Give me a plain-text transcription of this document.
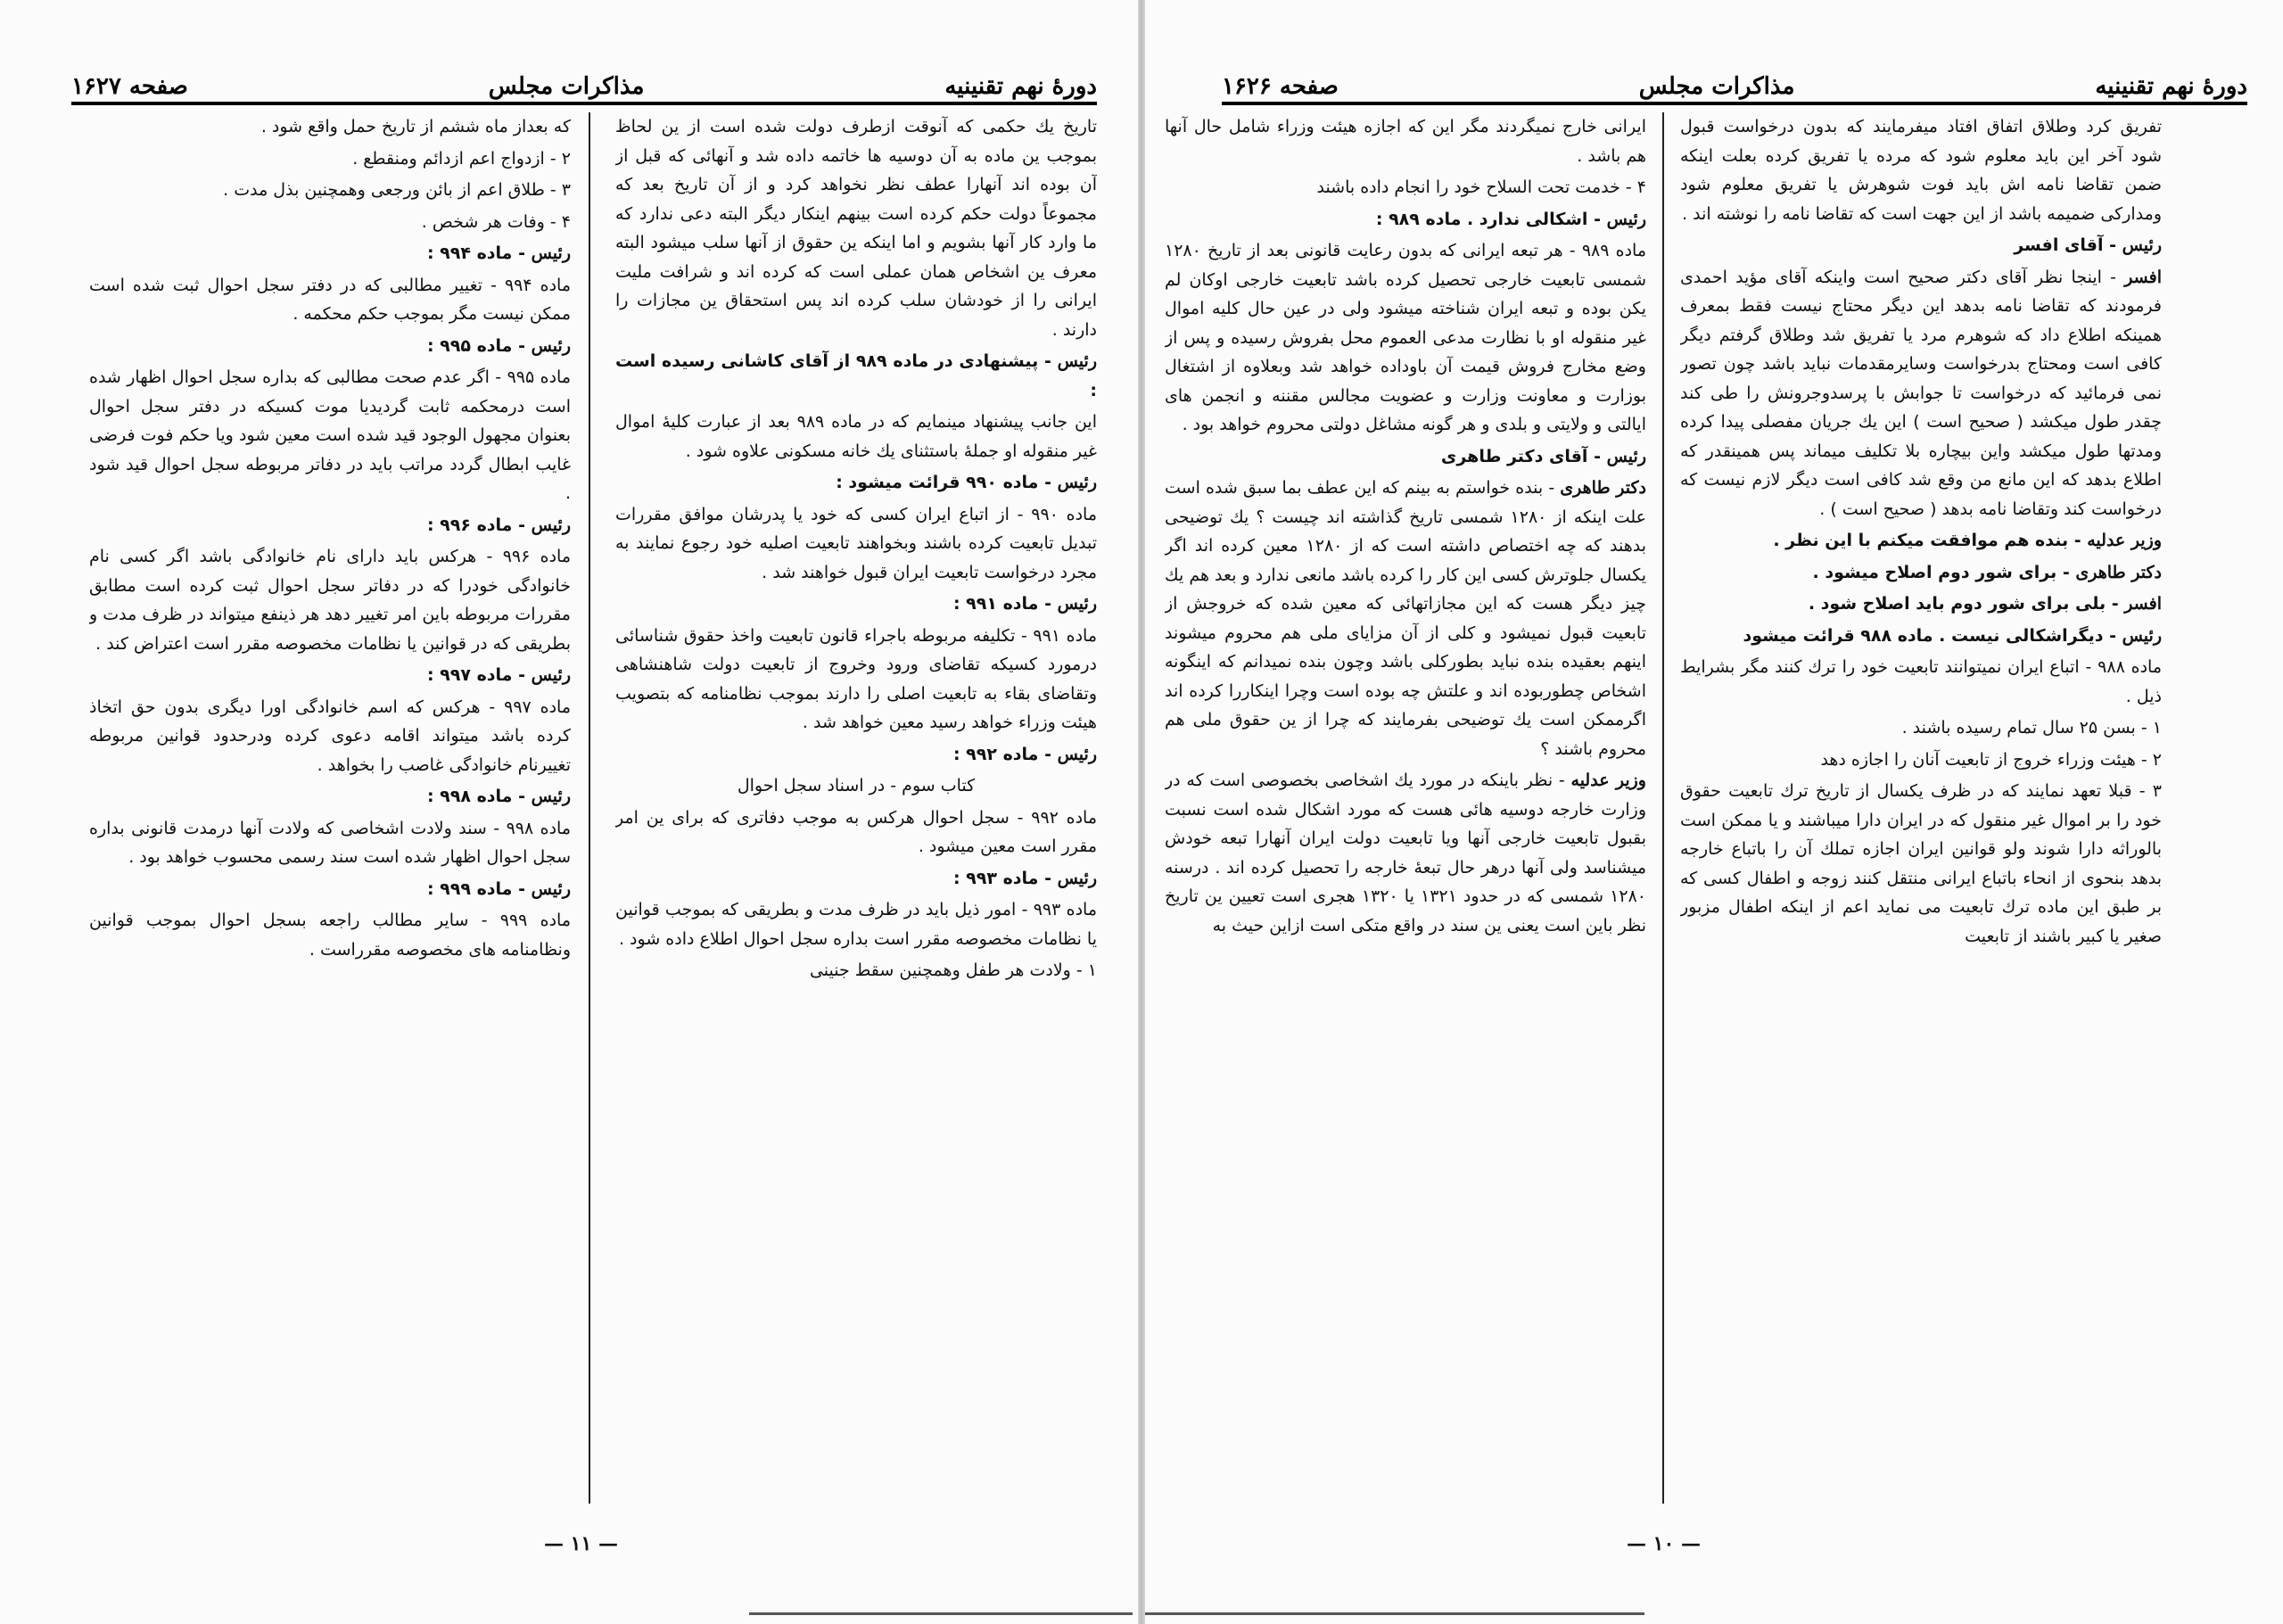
دورهٔ نهم تقنینیه
مذاکرات مجلس
صفحه ۱۶۲۷

تاریخ یك حکمی كه آنوقت ازطرف دولت شده است از ین لحاظ بموجب ین ماده به آن دوسیه ها خاتمه داده شد و آنهائی كه قبل از آن بوده اند آنهارا عطف نظر نخواهد كرد و از آن تاریخ بعد كه مجموعاً دولت حکم كرده است بینهم اینکار دیگر البته دعی ندارد كه ما وارد كار آنها بشویم و اما اینکه ین حقوق از آنها سلب میشود البته معرف ین اشخاص همان عملی است كه كرده اند و شرافت ملیت ایرانی را از خودشان سلب كرده اند پس استحقاق ین مجازات را دارند .

رئیس - پیشنهادی در ماده ۹۸۹ از آقای كاشانی رسیده است :

این جانب پیشنهاد مینمایم كه در ماده ۹۸۹ بعد از عبارت كلیهٔ اموال غیر منقوله او جملهٔ باستثنای یك خانه مسكونی علاوه شود .

رئیس - ماده ۹۹۰ قرائت میشود :

ماده ۹۹۰ - از اتباع ایران كسی كه خود یا پدرشان موافق مقررات تبدیل تابعیت كرده باشند وبخواهند تابعیت اصلیه خود رجوع نمایند به مجرد درخواست تابعیت ایران قبول خواهند شد .

رئیس - ماده ۹۹۱ :

ماده ۹۹۱ - تكلیفه مربوطه باجراء قانون تابعیت واخذ حقوق شناسائی درمورد كسیكه تقاضای ورود وخروج از تابعیت دولت شاهنشاهی وتقاضای بقاء به تابعیت اصلی را دارند بموجب نظامنامه كه بتصویب هیئت وزراء خواهد رسید معین خواهد شد .

رئیس - ماده ۹۹۲ :

كتاب سوم - در اسناد سجل احوال

ماده ۹۹۲ - سجل احوال هركس به موجب دفاتری كه برای ین امر مقرر است معین میشود .

رئیس - ماده ۹۹۳ :

ماده ۹۹۳ - امور ذیل باید در ظرف مدت و بطریقی كه بموجب قوانین یا نظامات مخصوصه مقرر است بداره سجل احوال اطلاع داده شود .

۱ - ولادت هر طفل وهمچنین سقط جنینی

كه بعداز ماه ششم از تاریخ حمل واقع شود .

۲ - ازدواج اعم ازدائم ومنقطع .

۳ - طلاق اعم از بائن ورجعی وهمچنین بذل مدت .

۴ - وفات هر شخص .

رئیس - ماده ۹۹۴ :

ماده ۹۹۴ - تغییر مطالبی كه در دفتر سجل احوال ثبت شده است ممكن نیست مگر بموجب حكم محكمه .

رئیس - ماده ۹۹۵ :

ماده ۹۹۵ - اگر عدم صحت مطالبی كه بداره سجل احوال اظهار شده است درمحكمه ثابت گردیدیا موت كسیكه در دفتر سجل احوال بعنوان مجهول الوجود قید شده است معین شود ویا حكم فوت فرضی غایب ابطال گردد مراتب باید در دفاتر مربوطه سجل احوال قید شود .

رئیس - ماده ۹۹۶ :

ماده ۹۹۶ - هركس باید دارای نام خانوادگی باشد اگر كسی نام خانوادگی خودرا كه در دفاتر سجل احوال ثبت كرده است مطابق مقررات مربوطه باین امر تغییر دهد هر ذینفع میتواند در ظرف مدت و بطریقی كه در قوانین یا نظامات مخصوصه مقرر است اعتراض كند .

رئیس - ماده ۹۹۷ :

ماده ۹۹۷ - هركس كه اسم خانوادگی اورا دیگری بدون حق اتخاذ كرده باشد میتواند اقامه دعوی كرده ودرحدود قوانین مربوطه تغییرنام خانوادگی غاصب را بخواهد .

رئیس - ماده ۹۹۸ :

ماده ۹۹۸ - سند ولادت اشخاصی كه ولادت آنها درمدت قانونی بداره سجل احوال اظهار شده است سند رسمی محسوب خواهد بود .

رئیس - ماده ۹۹۹ :

ماده ۹۹۹ - سایر مطالب راجعه بسجل احوال بموجب قوانین ونظامنامه های مخصوصه مقرراست .

— ۱۱ —
دورهٔ نهم تقنینیه
مذاکرات مجلس
صفحه ۱۶۲۶

تفریق كرد وطلاق اتفاق افتاد میفرمایند كه بدون درخواست قبول شود آخر این باید معلوم شود كه مرده یا تفریق كرده بعلت اینكه ضمن تقاضا نامه اش باید فوت شوهرش یا تفریق معلوم شود ومداركی ضمیمه باشد از این جهت است كه تقاضا نامه را نوشته اند .

رئیس - آقای افسر

افسر - اینجا نظر آقای دكتر صحیح است واینكه آقای مؤید احمدی فرمودند كه تقاضا نامه بدهد این دیگر محتاج نیست فقط بمعرف همینكه اطلاع داد كه شوهرم مرد یا تفریق شد وطلاق گرفتم دیگر كافی است ومحتاج بدرخواست وسایرمقدمات نباید باشد چون تصور نمی فرمائید كه درخواست تا جوابش با پرسدوجرونش را طی كند چقدر طول میكشد ( صحیح است ) این یك جریان مفصلی پیدا كرده ومدتها طول میكشد واین بیچاره بلا تكلیف میماند پس همینقدر كه اطلاع بدهد كه این مانع من وقع شد كافی است دیگر لازم نیست كه درخواست كند وتقاضا نامه بدهد ( صحیح است ) .

وزیر عدلیه - بنده هم موافقت میكنم با این نظر .

دكتر طاهری - برای شور دوم اصلاح میشود .

افسر - بلی برای شور دوم باید اصلاح شود .

رئیس - دیگراشكالی نیست . ماده ۹۸۸ قرائت میشود

ماده ۹۸۸ - اتباع ایران نمیتوانند تابعیت خود را ترك كنند مگر بشرایط ذیل .

۱ - بسن ۲۵ سال تمام رسیده باشند .

۲ - هیئت وزراء خروج از تابعیت آنان را اجازه دهد

۳ - قبلا تعهد نمایند كه در ظرف یكسال از تاریخ ترك تابعیت حقوق خود را بر اموال غیر منقول كه در ایران دارا میباشند و یا ممكن است بالوراثه دارا شوند ولو قوانین ایران اجازه تملك آن را باتباع خارجه بدهد بنحوی از انحاء باتباع ایرانی منتقل كنند زوجه و اطفال كسی كه بر طبق این ماده ترك تابعیت می نماید اعم از اینكه اطفال مزبور صغیر یا كبیر باشند از تابعیت

ایرانی خارج نمیگردند مگر این كه اجازه هیئت وزراء شامل حال آنها هم باشد .

۴ - خدمت تحت السلاح خود را انجام داده باشند

رئیس - اشكالی ندارد . ماده ۹۸۹ :

ماده ۹۸۹ - هر تبعه ایرانی كه بدون رعایت قانونی بعد از تاریخ ۱۲۸۰ شمسی تابعیت خارجی تحصیل كرده باشد تابعیت خارجی اوكان لم یكن بوده و تبعه ایران شناخته میشود ولی در عین حال كلیه اموال غیر منقوله او با نظارت مدعی العموم محل بفروش رسیده و پس از وضع مخارج فروش قیمت آن باوداده خواهد شد وبعلاوه از اشتغال بوزارت و معاونت وزارت و عضویت مجالس مقننه و انجمن های ایالتی و ولایتی و بلدی و هر گونه مشاغل دولتی محروم خواهد بود .

رئیس - آقای دكتر طاهری

دكتر طاهری - بنده خواستم به بینم كه این عطف بما سبق شده است علت اینكه از ۱۲۸۰ شمسی تاریخ گذاشته اند چیست ؟ یك توضیحی بدهند كه چه اختصاص داشته است كه از ۱۲۸۰ معین كرده اند اگر یكسال جلوترش كسی این كار را كرده باشد مانعی ندارد و بعد هم یك چیز دیگر هست كه این مجازاتهائی كه معین شده كه خروجش از تابعیت قبول نمیشود و كلی از آن مزایای ملی هم محروم میشوند اینهم بعقیده بنده نباید بطوركلی باشد وچون بنده نمیدانم كه اینگونه اشخاص چطوربوده اند و علتش چه بوده است وچرا اینكاررا كرده اند اگرممكن است یك توضیحی بفرمایند كه چرا از ین حقوق ملی هم محروم باشند ؟

وزیر عدلیه - نظر باینكه در مورد یك اشخاصی بخصوصی است كه در وزارت خارجه دوسیه هائی هست كه مورد اشكال شده است نسبت بقبول تابعیت خارجی آنها ویا تابعیت دولت ایران آنهارا تبعه خودش میشناسد ولی آنها درهر حال تبعهٔ خارجه را تحصیل كرده اند . درسنه ۱۲۸۰ شمسی كه در حدود ۱۳۲۱ یا ۱۳۲۰ هجری است تعیین ین تاریخ نظر باین است یعنی ین سند در واقع متكی است ازاین حیث به

— ۱۰ —
